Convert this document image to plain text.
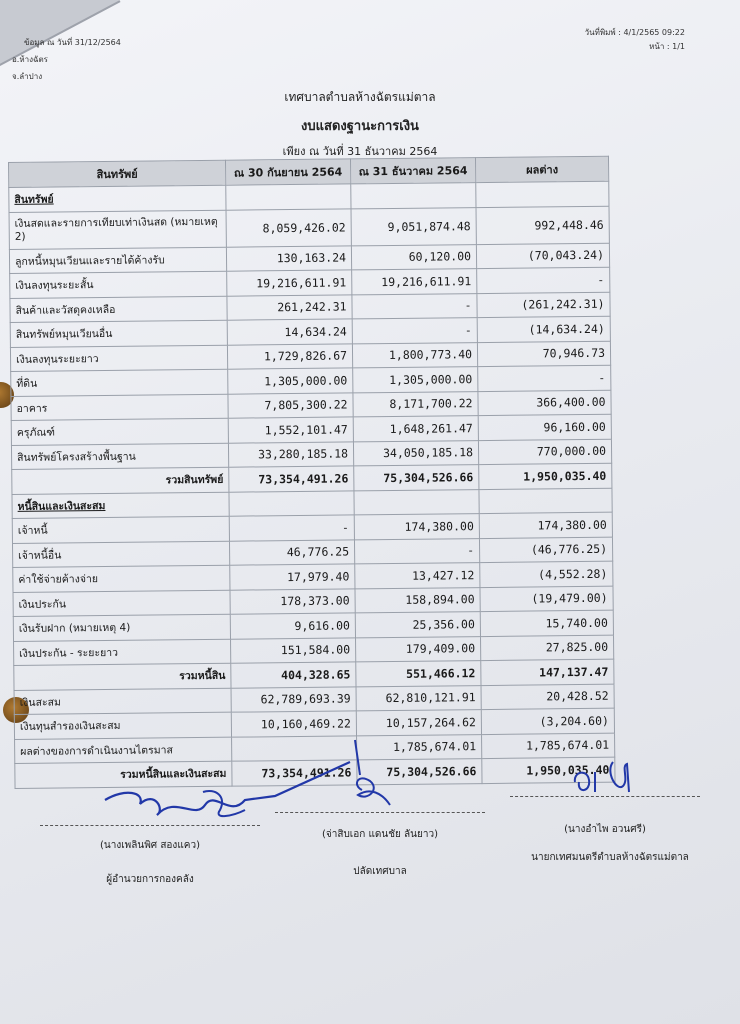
ข้อมูล ณ วันที่ 31/12/2564
อ.ห้างฉัตร
จ.ลำปาง
วันที่พิมพ์ : 4/1/2565 09:22
หน้า : 1/1
เทศบาลตำบลห้างฉัตรแม่ตาล
งบแสดงฐานะการเงิน
เพียง ณ วันที่ 31 ธันวาคม 2564
สินทรัพย์	ณ 30 กันยายน 2564	ณ 31 ธันวาคม 2564	ผลต่าง
สินทรัพย์			
เงินสดและรายการเทียบเท่าเงินสด (หมายเหตุ 2)	8,059,426.02	9,051,874.48	992,448.46
ลูกหนี้หมุนเวียนและรายได้ค้างรับ	130,163.24	60,120.00	(70,043.24)
เงินลงทุนระยะสั้น	19,216,611.91	19,216,611.91	-
สินค้าและวัสดุคงเหลือ	261,242.31	-	(261,242.31)
สินทรัพย์หมุนเวียนอื่น	14,634.24	-	(14,634.24)
เงินลงทุนระยะยาว	1,729,826.67	1,800,773.40	70,946.73
ที่ดิน	1,305,000.00	1,305,000.00	-
อาคาร	7,805,300.22	8,171,700.22	366,400.00
ครุภัณฑ์	1,552,101.47	1,648,261.47	96,160.00
สินทรัพย์โครงสร้างพื้นฐาน	33,280,185.18	34,050,185.18	770,000.00
รวมสินทรัพย์	73,354,491.26	75,304,526.66	1,950,035.40
หนี้สินและเงินสะสม			
เจ้าหนี้	-	174,380.00	174,380.00
เจ้าหนี้อื่น	46,776.25	-	(46,776.25)
ค่าใช้จ่ายค้างจ่าย	17,979.40	13,427.12	(4,552.28)
เงินประกัน	178,373.00	158,894.00	(19,479.00)
เงินรับฝาก (หมายเหตุ 4)	9,616.00	25,356.00	15,740.00
เงินประกัน - ระยะยาว	151,584.00	179,409.00	27,825.00
รวมหนี้สิน	404,328.65	551,466.12	147,137.47
เงินสะสม	62,789,693.39	62,810,121.91	20,428.52
เงินทุนสำรองเงินสะสม	10,160,469.22	10,157,264.62	(3,204.60)
ผลต่างของการดำเนินงานไตรมาส		1,785,674.01	1,785,674.01
รวมหนี้สินและเงินสะสม	73,354,491.26	75,304,526.66	1,950,035.40
(นางเพลินพิศ สองแคว)
ผู้อำนวยการกองคลัง
(จ่าสิบเอก แดนชัย ลันยาว)
ปลัดเทศบาล
(นางอำไพ อวนศรี)
นายกเทศมนตรีตำบลห้างฉัตรแม่ตาล
